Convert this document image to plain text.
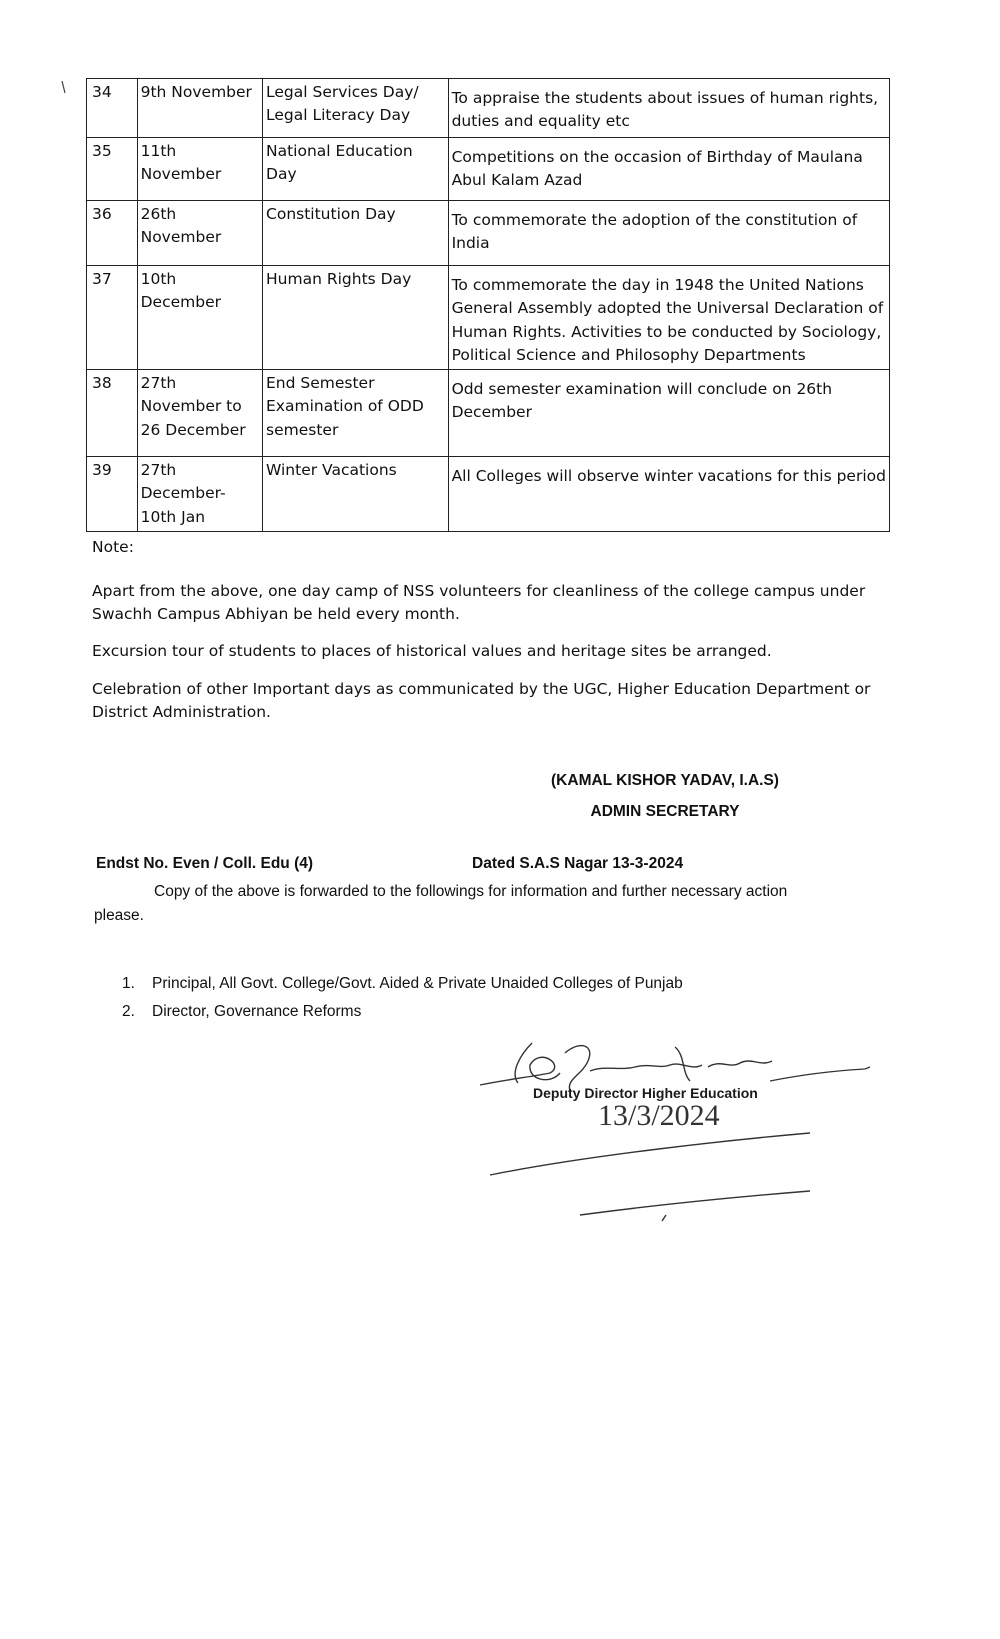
34	9th November	Legal Services Day/ Legal Literacy Day	To appraise the students about issues of human rights, duties and equality etc
35	11th November	National Education Day	Competitions on the occasion of Birthday of Maulana Abul Kalam Azad
36	26th November	Constitution Day	To commemorate the adoption of the constitution of India
37	10th December	Human Rights Day	To commemorate the day in 1948 the United Nations General Assembly adopted the Universal Declaration of Human Rights. Activities to be conducted by Sociology, Political Science and Philosophy Departments
38	27th November to 26 December	End Semester Examination of ODD semester	Odd semester examination will conclude on 26th December
39	27th December-10th Jan	Winter Vacations	All Colleges will observe winter vacations for this period
Note:

Apart from the above, one day camp of NSS volunteers for cleanliness of the college campus under Swachh Campus Abhiyan be held every month.

Excursion tour of students to places of historical values and heritage sites be arranged.

Celebration of other Important days as communicated by the UGC, Higher Education Department or District Administration.

(KAMAL KISHOR YADAV, I.A.S)
ADMIN SECRETARY
Endst No. Even / Coll. Edu (4)	Dated S.A.S Nagar 13-3-2024

Copy of the above is forwarded to the followings for information and further necessary action please.

1. Principal, All Govt. College/Govt. Aided & Private Unaided Colleges of Punjab
2. Director, Governance Reforms
13/3/2024
Deputy Director Higher Education
